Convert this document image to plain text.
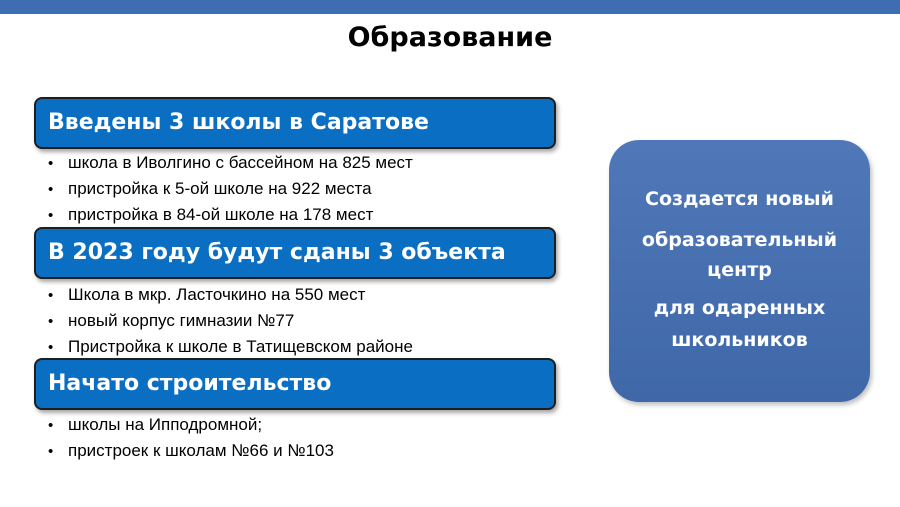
Образование
Введены 3 школы в Саратове
• школа в Иволгино с бассейном на 825 мест
• пристройка к 5-ой школе на 922 места
• пристройка в 84-ой школе на 178 мест
В 2023 году будут сданы 3 объекта
• Школа в мкр. Ласточкино на 550 мест
• новый корпус гимназии №77
• Пристройка к школе в Татищевском районе
Начато строительство
• школы на Ипподромной;
• пристроек к школам №66 и №103
Создается новый
образовательный
центр
для одаренных
школьников
